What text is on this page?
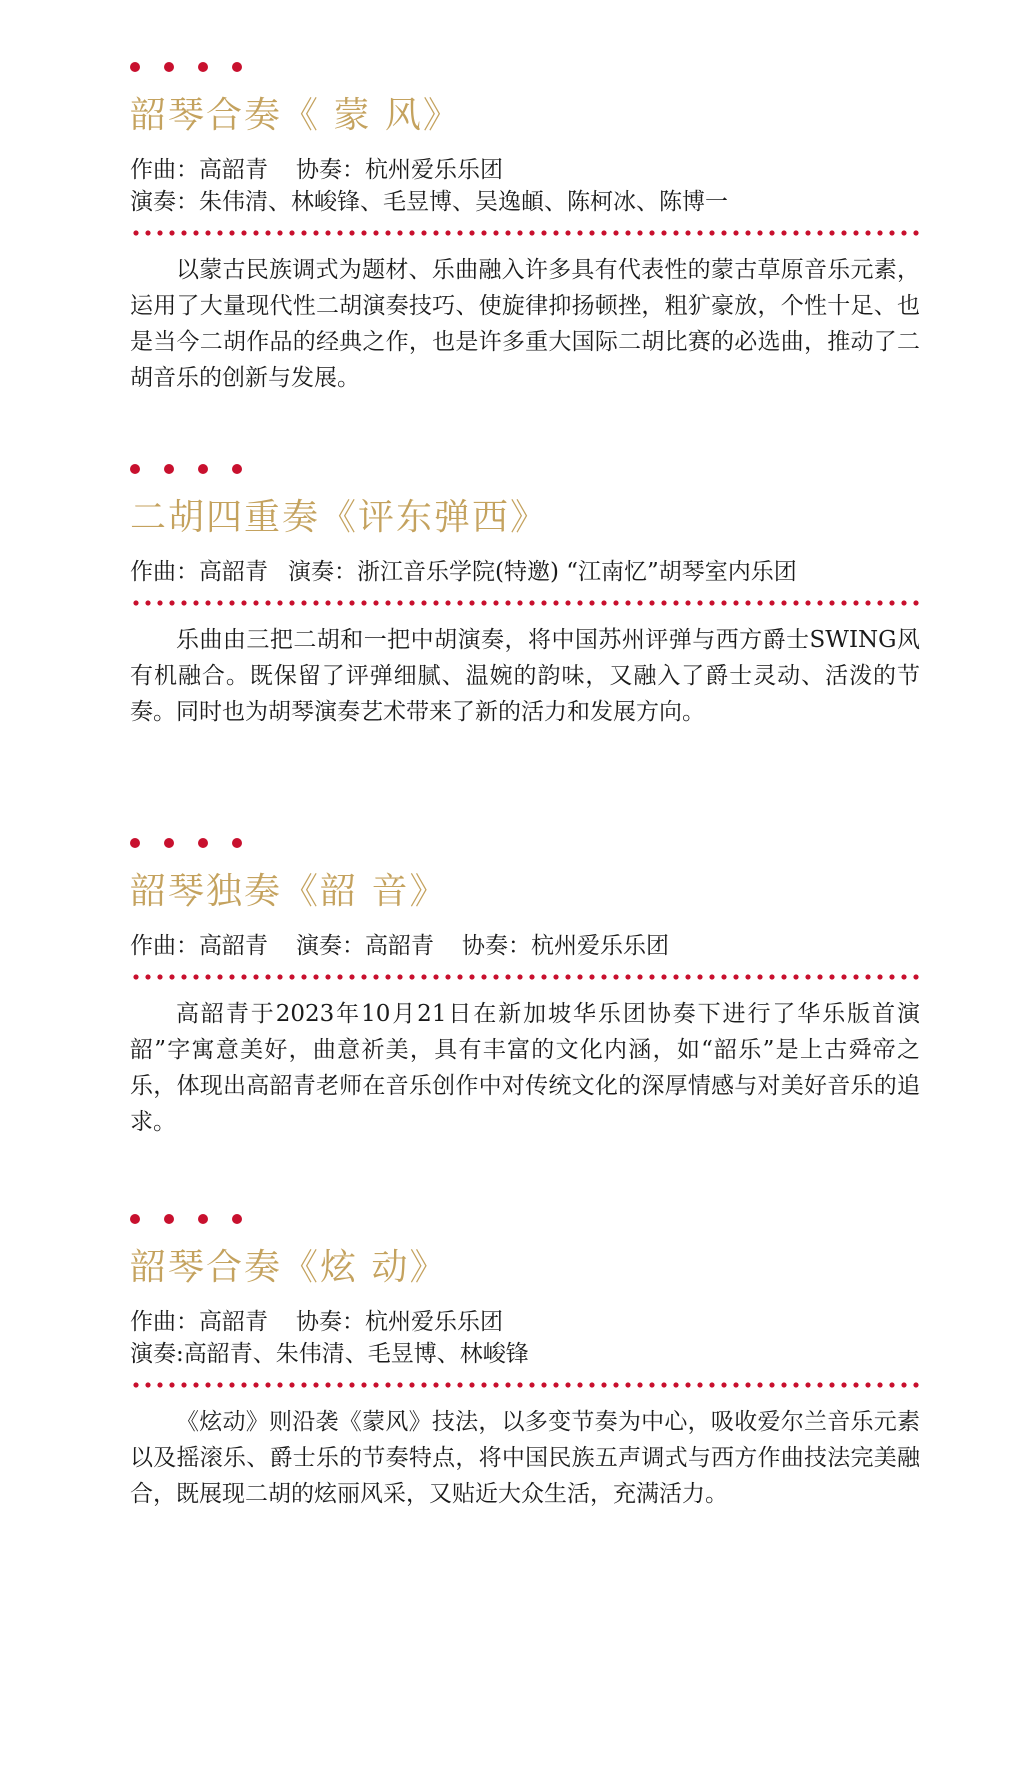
韶琴合奏《 蒙 风》
作曲：高韶青 协奏：杭州爱乐乐团
演奏：朱伟清、林峻锋、毛昱博、吴逸頔、陈柯冰、陈博一
以蒙古民族调式为题材、乐曲融入许多具有代表性的蒙古草原音乐元素，运用了大量现代性二胡演奏技巧、使旋律抑扬顿挫，粗犷豪放，个性十足、也是当今二胡作品的经典之作，也是许多重大国际二胡比赛的必选曲，推动了二胡音乐的创新与发展。
二胡四重奏《评东弹西》
作曲：高韶青 演奏：浙江音乐学院(特邀) “江南忆”胡琴室内乐团
乐曲由三把二胡和一把中胡演奏，将中国苏州评弹与西方爵士SWING风有机融合。既保留了评弹细腻、温婉的韵味，又融入了爵士灵动、活泼的节奏。同时也为胡琴演奏艺术带来了新的活力和发展方向。
韶琴独奏《韶 音》
作曲：高韶青 演奏：高韶青 协奏：杭州爱乐乐团
高韶青于2023年10月21日在新加坡华乐团协奏下进行了华乐版首演韶”字寓意美好，曲意祈美，具有丰富的文化内涵，如“韶乐”是上古舜帝之乐，体现出高韶青老师在音乐创作中对传统文化的深厚情感与对美好音乐的追求。
韶琴合奏《炫 动》
作曲：高韶青 协奏：杭州爱乐乐团
演奏:高韶青、朱伟清、毛昱博、林峻锋
《炫动》则沿袭《蒙风》技法，以多变节奏为中心，吸收爱尔兰音乐元素以及摇滚乐、爵士乐的节奏特点，将中国民族五声调式与西方作曲技法完美融合，既展现二胡的炫丽风采，又贴近大众生活，充满活力。
